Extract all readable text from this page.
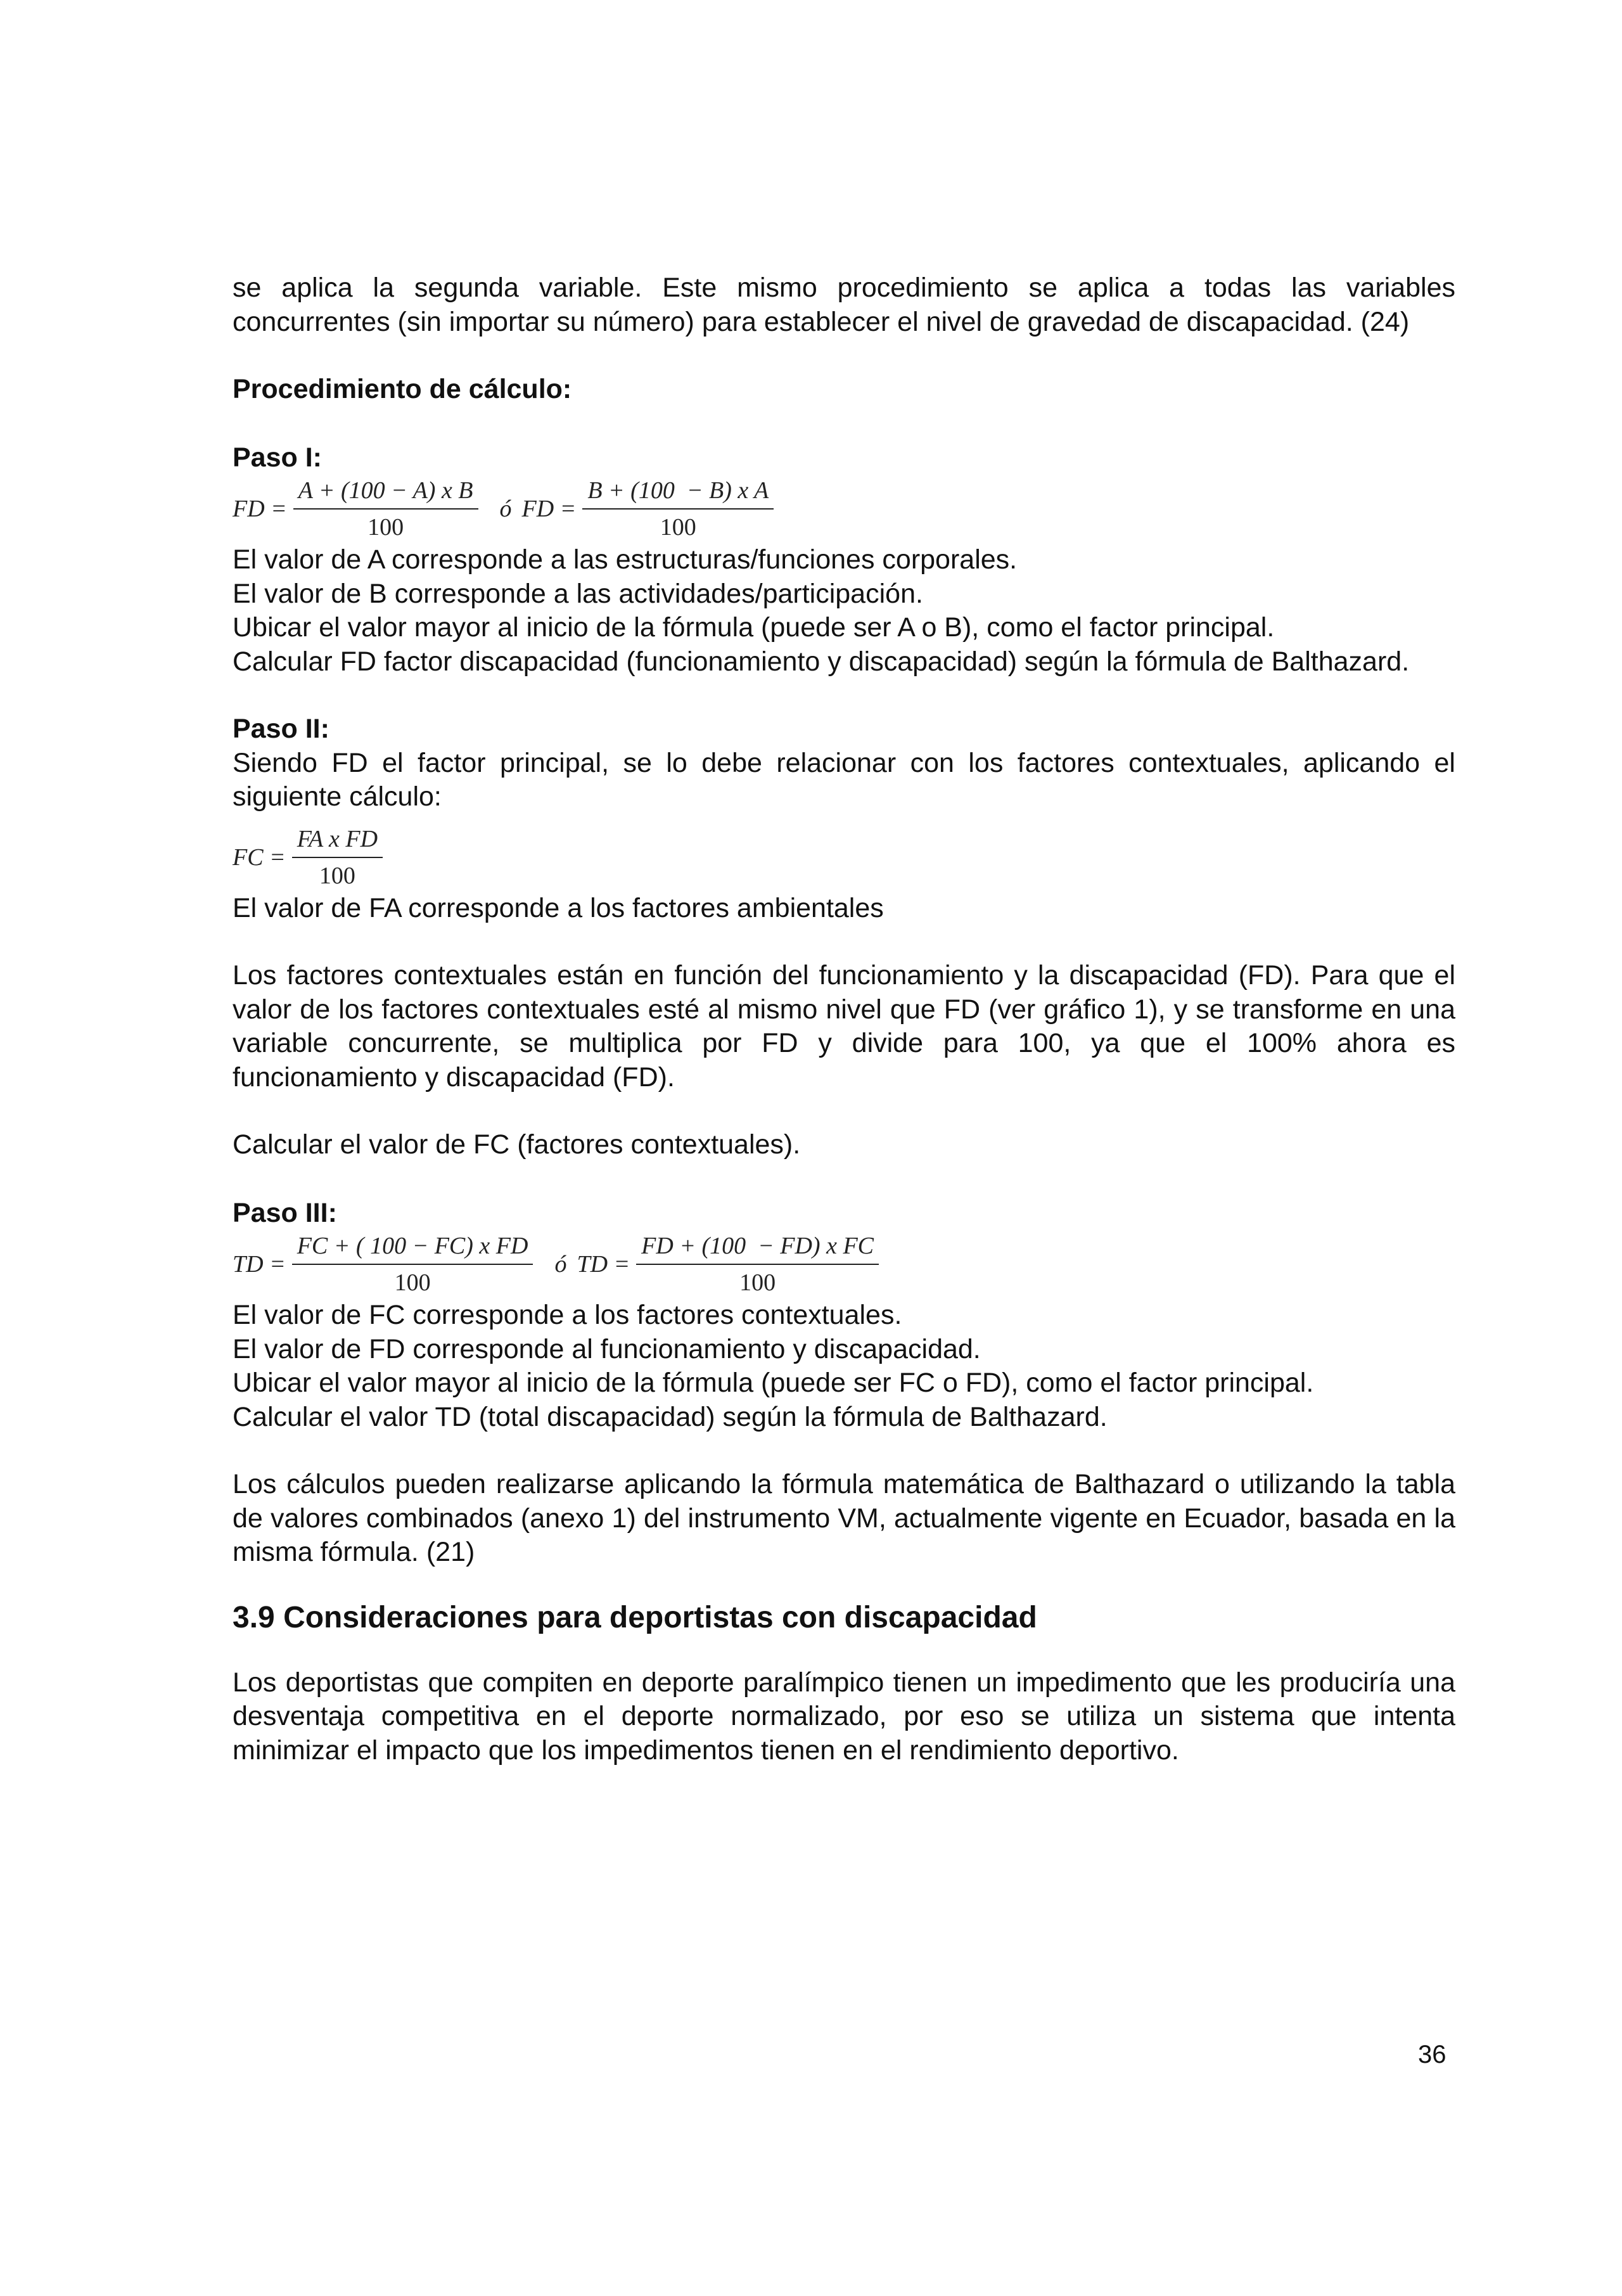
se aplica la segunda variable. Este mismo procedimiento se aplica a todas las variables concurrentes (sin importar su número) para establecer el nivel de gravedad de discapacidad. (24)

Procedimiento de cálculo:

Paso I:

FD = $\frac{\text{A + (100 − A) x B}}{100}$ ó FD = $\frac{\text{B + (100  − B) x A}}{100}$

El valor de A corresponde a las estructuras/funciones corporales.

El valor de B corresponde a las actividades/participación.

Ubicar el valor mayor al inicio de la fórmula (puede ser A o B), como el factor principal.

Calcular FD factor discapacidad (funcionamiento y discapacidad) según la fórmula de Balthazard.

Paso II:

Siendo FD el factor principal, se lo debe relacionar con los factores contextuales, aplicando el siguiente cálculo:

FC = $\frac{\text{FA x FD}}{100}$

El valor de FA corresponde a los factores ambientales

Los factores contextuales están en función del funcionamiento y la discapacidad (FD). Para que el valor de los factores contextuales esté al mismo nivel que FD (ver gráfico 1), y se transforme en una variable concurrente, se multiplica por FD y divide para 100, ya que el 100% ahora es funcionamiento y discapacidad (FD).

Calcular el valor de FC (factores contextuales).

Paso III:

TD = $\frac{\text{FC + ( 100 − FC) x FD}}{100}$ ó TD = $\frac{\text{FD + (100  − FD) x FC}}{100}$

El valor de FC corresponde a los factores contextuales.

El valor de FD corresponde al funcionamiento y discapacidad.

Ubicar el valor mayor al inicio de la fórmula (puede ser FC o FD), como el factor principal.

Calcular el valor TD (total discapacidad) según la fórmula de Balthazard.

Los cálculos pueden realizarse aplicando la fórmula matemática de Balthazard o utilizando la tabla de valores combinados (anexo 1) del instrumento VM, actualmente vigente en Ecuador, basada en la misma fórmula. (21)

3.9 Consideraciones para deportistas con discapacidad

Los deportistas que compiten en deporte paralímpico tienen un impedimento que les produciría una desventaja competitiva en el deporte normalizado, por eso se utiliza un sistema que intenta minimizar el impacto que los impedimentos tienen en el rendimiento deportivo.

36
